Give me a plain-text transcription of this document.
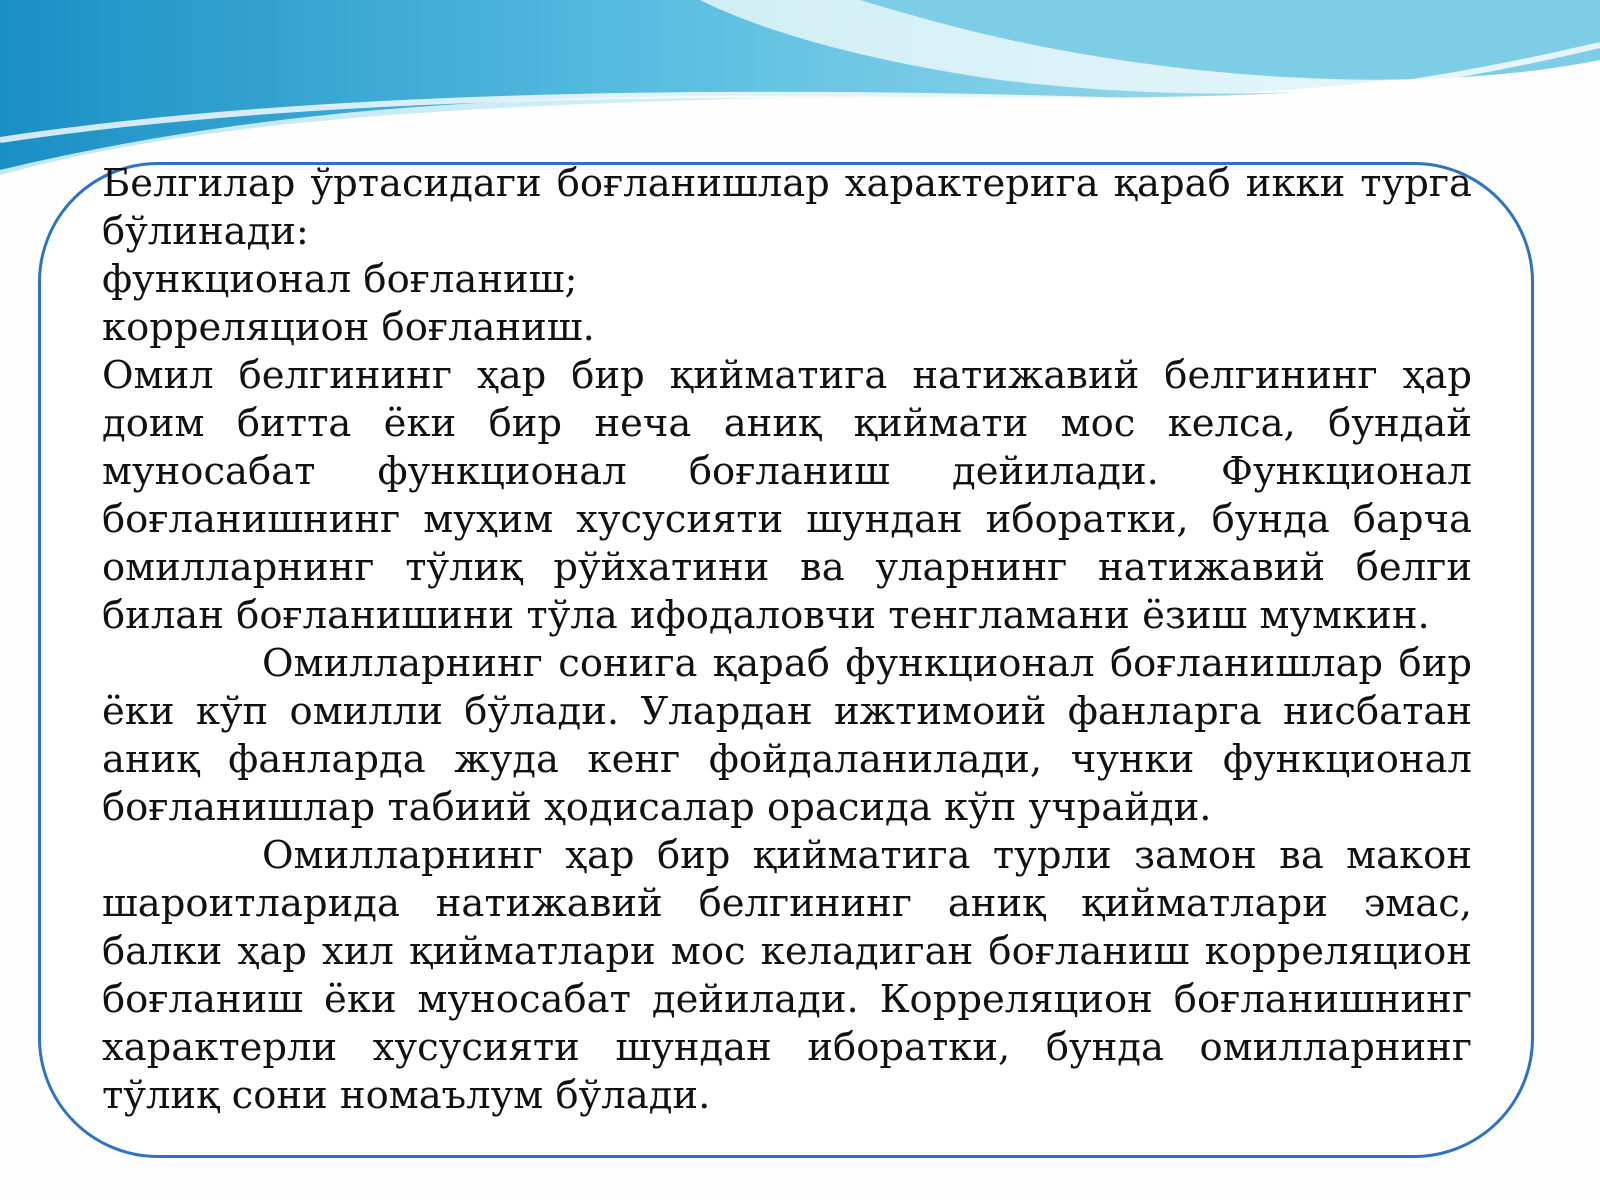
Белгилар ўртасидаги боғланишлар характерига қараб икки турга бўлинади:

функционал боғланиш;

корреляцион боғланиш.

Омил белгининг ҳар бир қийматига натижавий белгининг ҳар доим битта ёки бир неча аниқ қиймати мос келса, бундай муносабат функционал боғланиш дейилади. Функционал боғланишнинг муҳим хусусияти шундан иборатки, бунда барча омилларнинг тўлиқ рўйхатини ва уларнинг натижавий белги билан боғланишини тўла ифодаловчи тенгламани ёзиш мумкин.

Омилларнинг сонига қараб функционал боғланишлар бир ёки кўп омилли бўлади. Улардан ижтимоий фанларга нисбатан аниқ фанларда жуда кенг фойдаланилади, чунки функционал боғланишлар табиий ҳодисалар орасида кўп учрайди.

Омилларнинг ҳар бир қийматига турли замон ва макон шароитларида натижавий белгининг аниқ қийматлари эмас, балки ҳар хил қийматлари мос келадиган боғланиш корреляцион боғланиш ёки муносабат дейилади. Корреляцион боғланишнинг характерли хусусияти шундан иборатки, бунда омилларнинг тўлиқ сони номаълум бўлади.
